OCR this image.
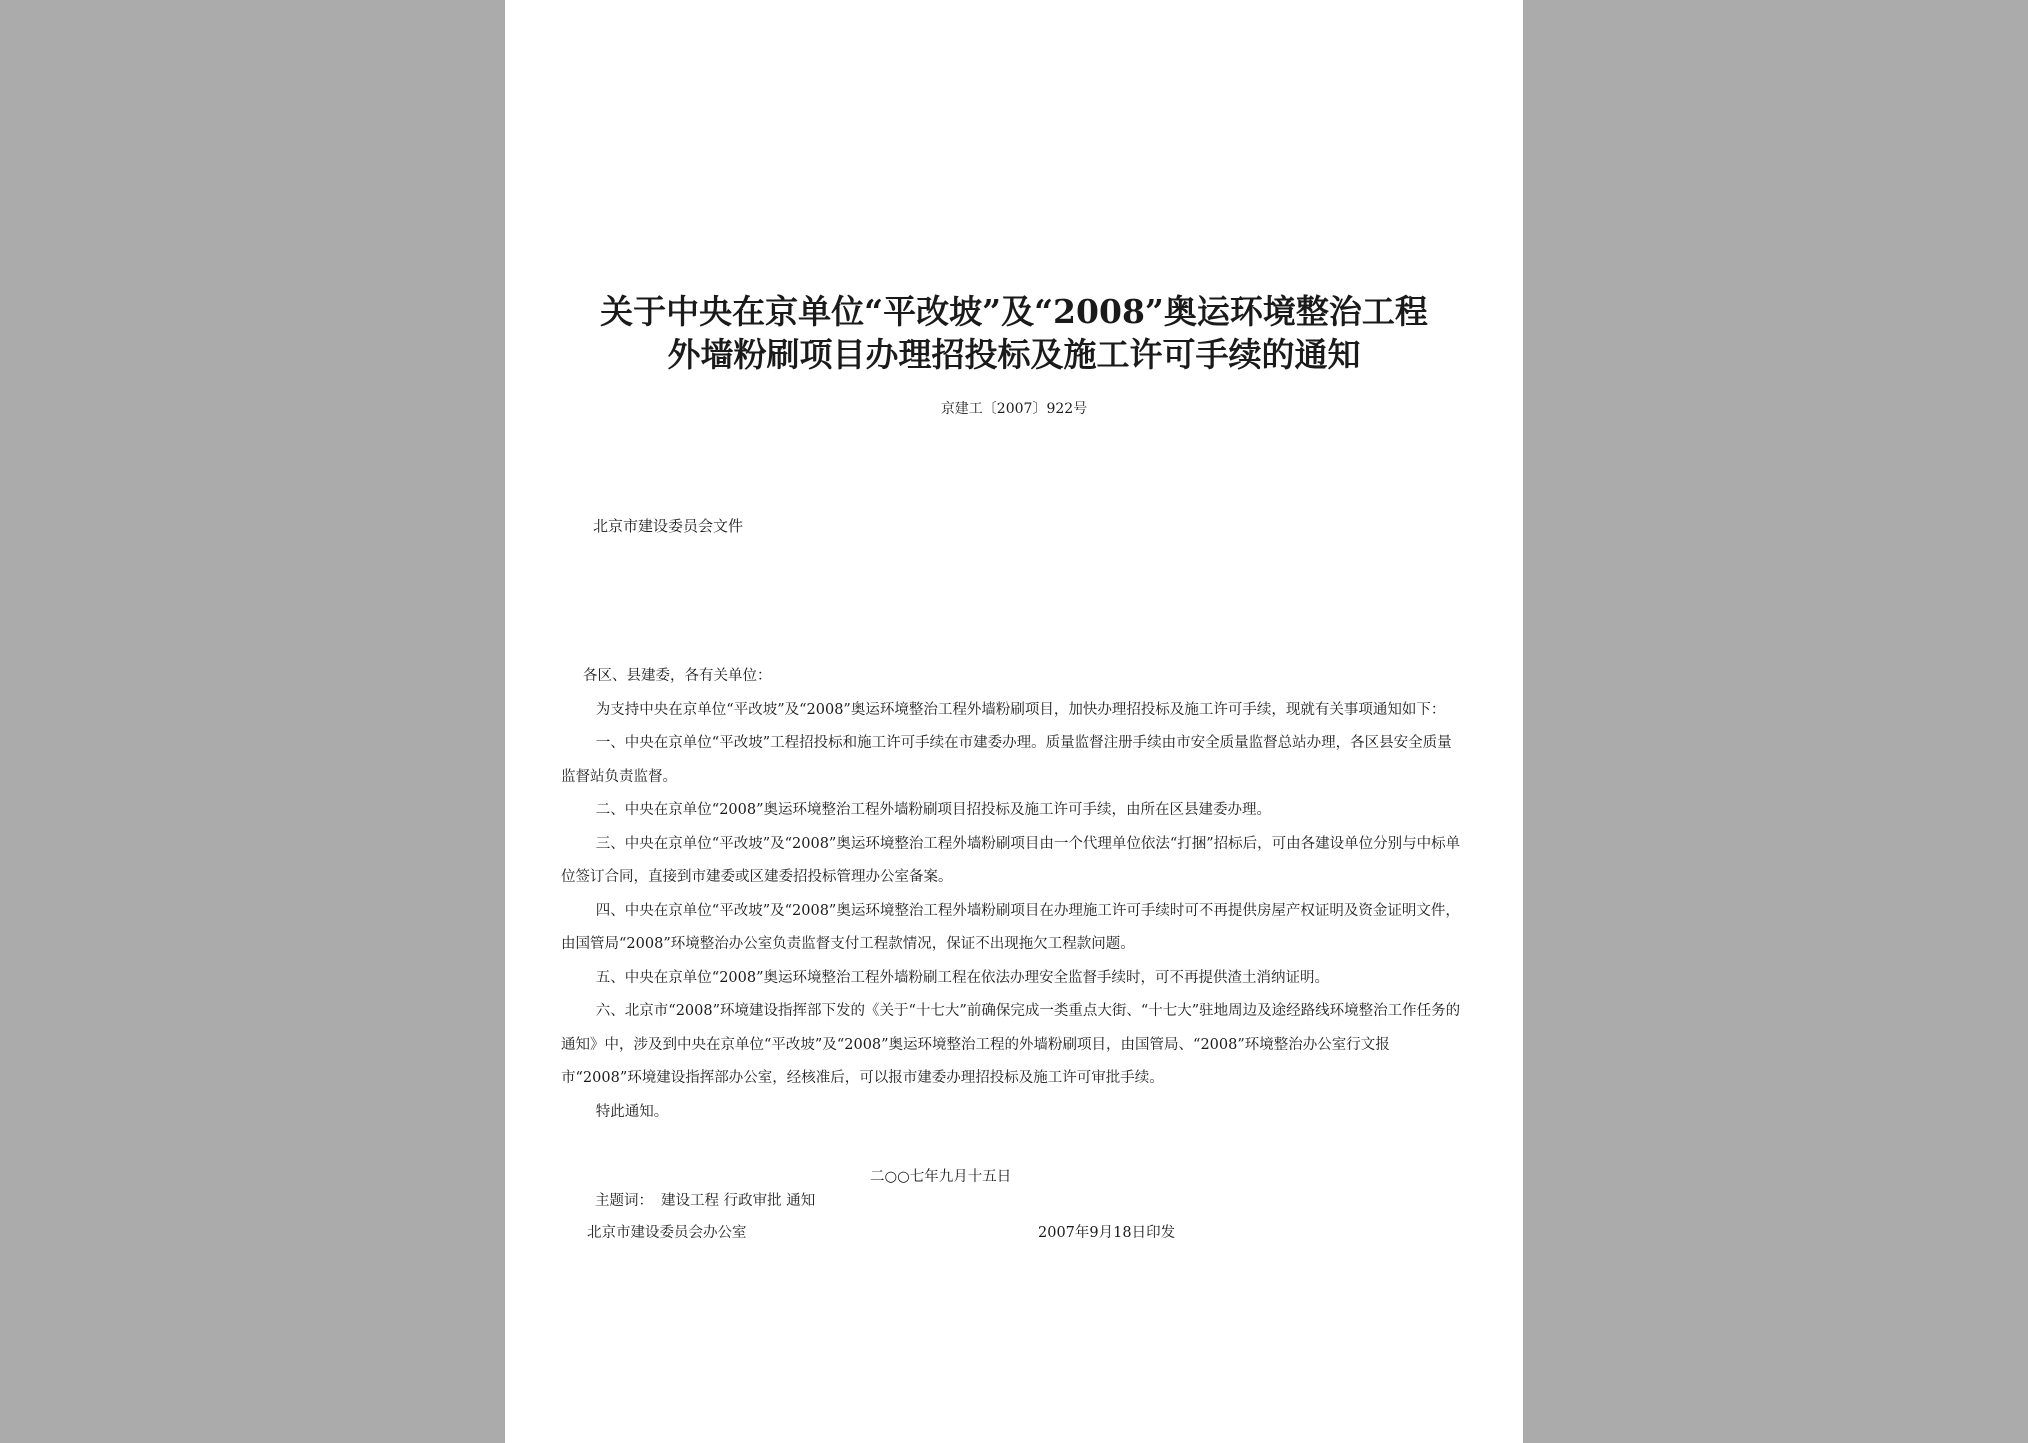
关于中央在京单位“平改坡”及“2008”奥运环境整治工程
外墙粉刷项目办理招投标及施工许可手续的通知
京建工〔2007〕922号
北京市建设委员会文件

各区、县建委，各有关单位：

为支持中央在京单位“平改坡”及“2008”奥运环境整治工程外墙粉刷项目，加快办理招投标及施工许可手续，现就有关事项通知如下：

一、中央在京单位“平改坡”工程招投标和施工许可手续在市建委办理。质量监督注册手续由市安全质量监督总站办理，各区县安全质量监督站负责监督。

二、中央在京单位“2008”奥运环境整治工程外墙粉刷项目招投标及施工许可手续，由所在区县建委办理。

三、中央在京单位“平改坡”及“2008”奥运环境整治工程外墙粉刷项目由一个代理单位依法“打捆”招标后，可由各建设单位分别与中标单位签订合同，直接到市建委或区建委招投标管理办公室备案。

四、中央在京单位“平改坡”及“2008”奥运环境整治工程外墙粉刷项目在办理施工许可手续时可不再提供房屋产权证明及资金证明文件，由国管局“2008”环境整治办公室负责监督支付工程款情况，保证不出现拖欠工程款问题。

五、中央在京单位“2008”奥运环境整治工程外墙粉刷工程在依法办理安全监督手续时，可不再提供渣土消纳证明。

六、北京市“2008”环境建设指挥部下发的《关于“十七大”前确保完成一类重点大街、“十七大”驻地周边及途经路线环境整治工作任务的通知》中，涉及到中央在京单位“平改坡”及“2008”奥运环境整治工程的外墙粉刷项目，由国管局、“2008”环境整治办公室行文报市“2008”环境建设指挥部办公室，经核准后，可以报市建委办理招投标及施工许可审批手续。

特此通知。

二○○七年九月十五日
主题词： 建设工程 行政审批 通知
北京市建设委员会办公室	2007年9月18日印发
